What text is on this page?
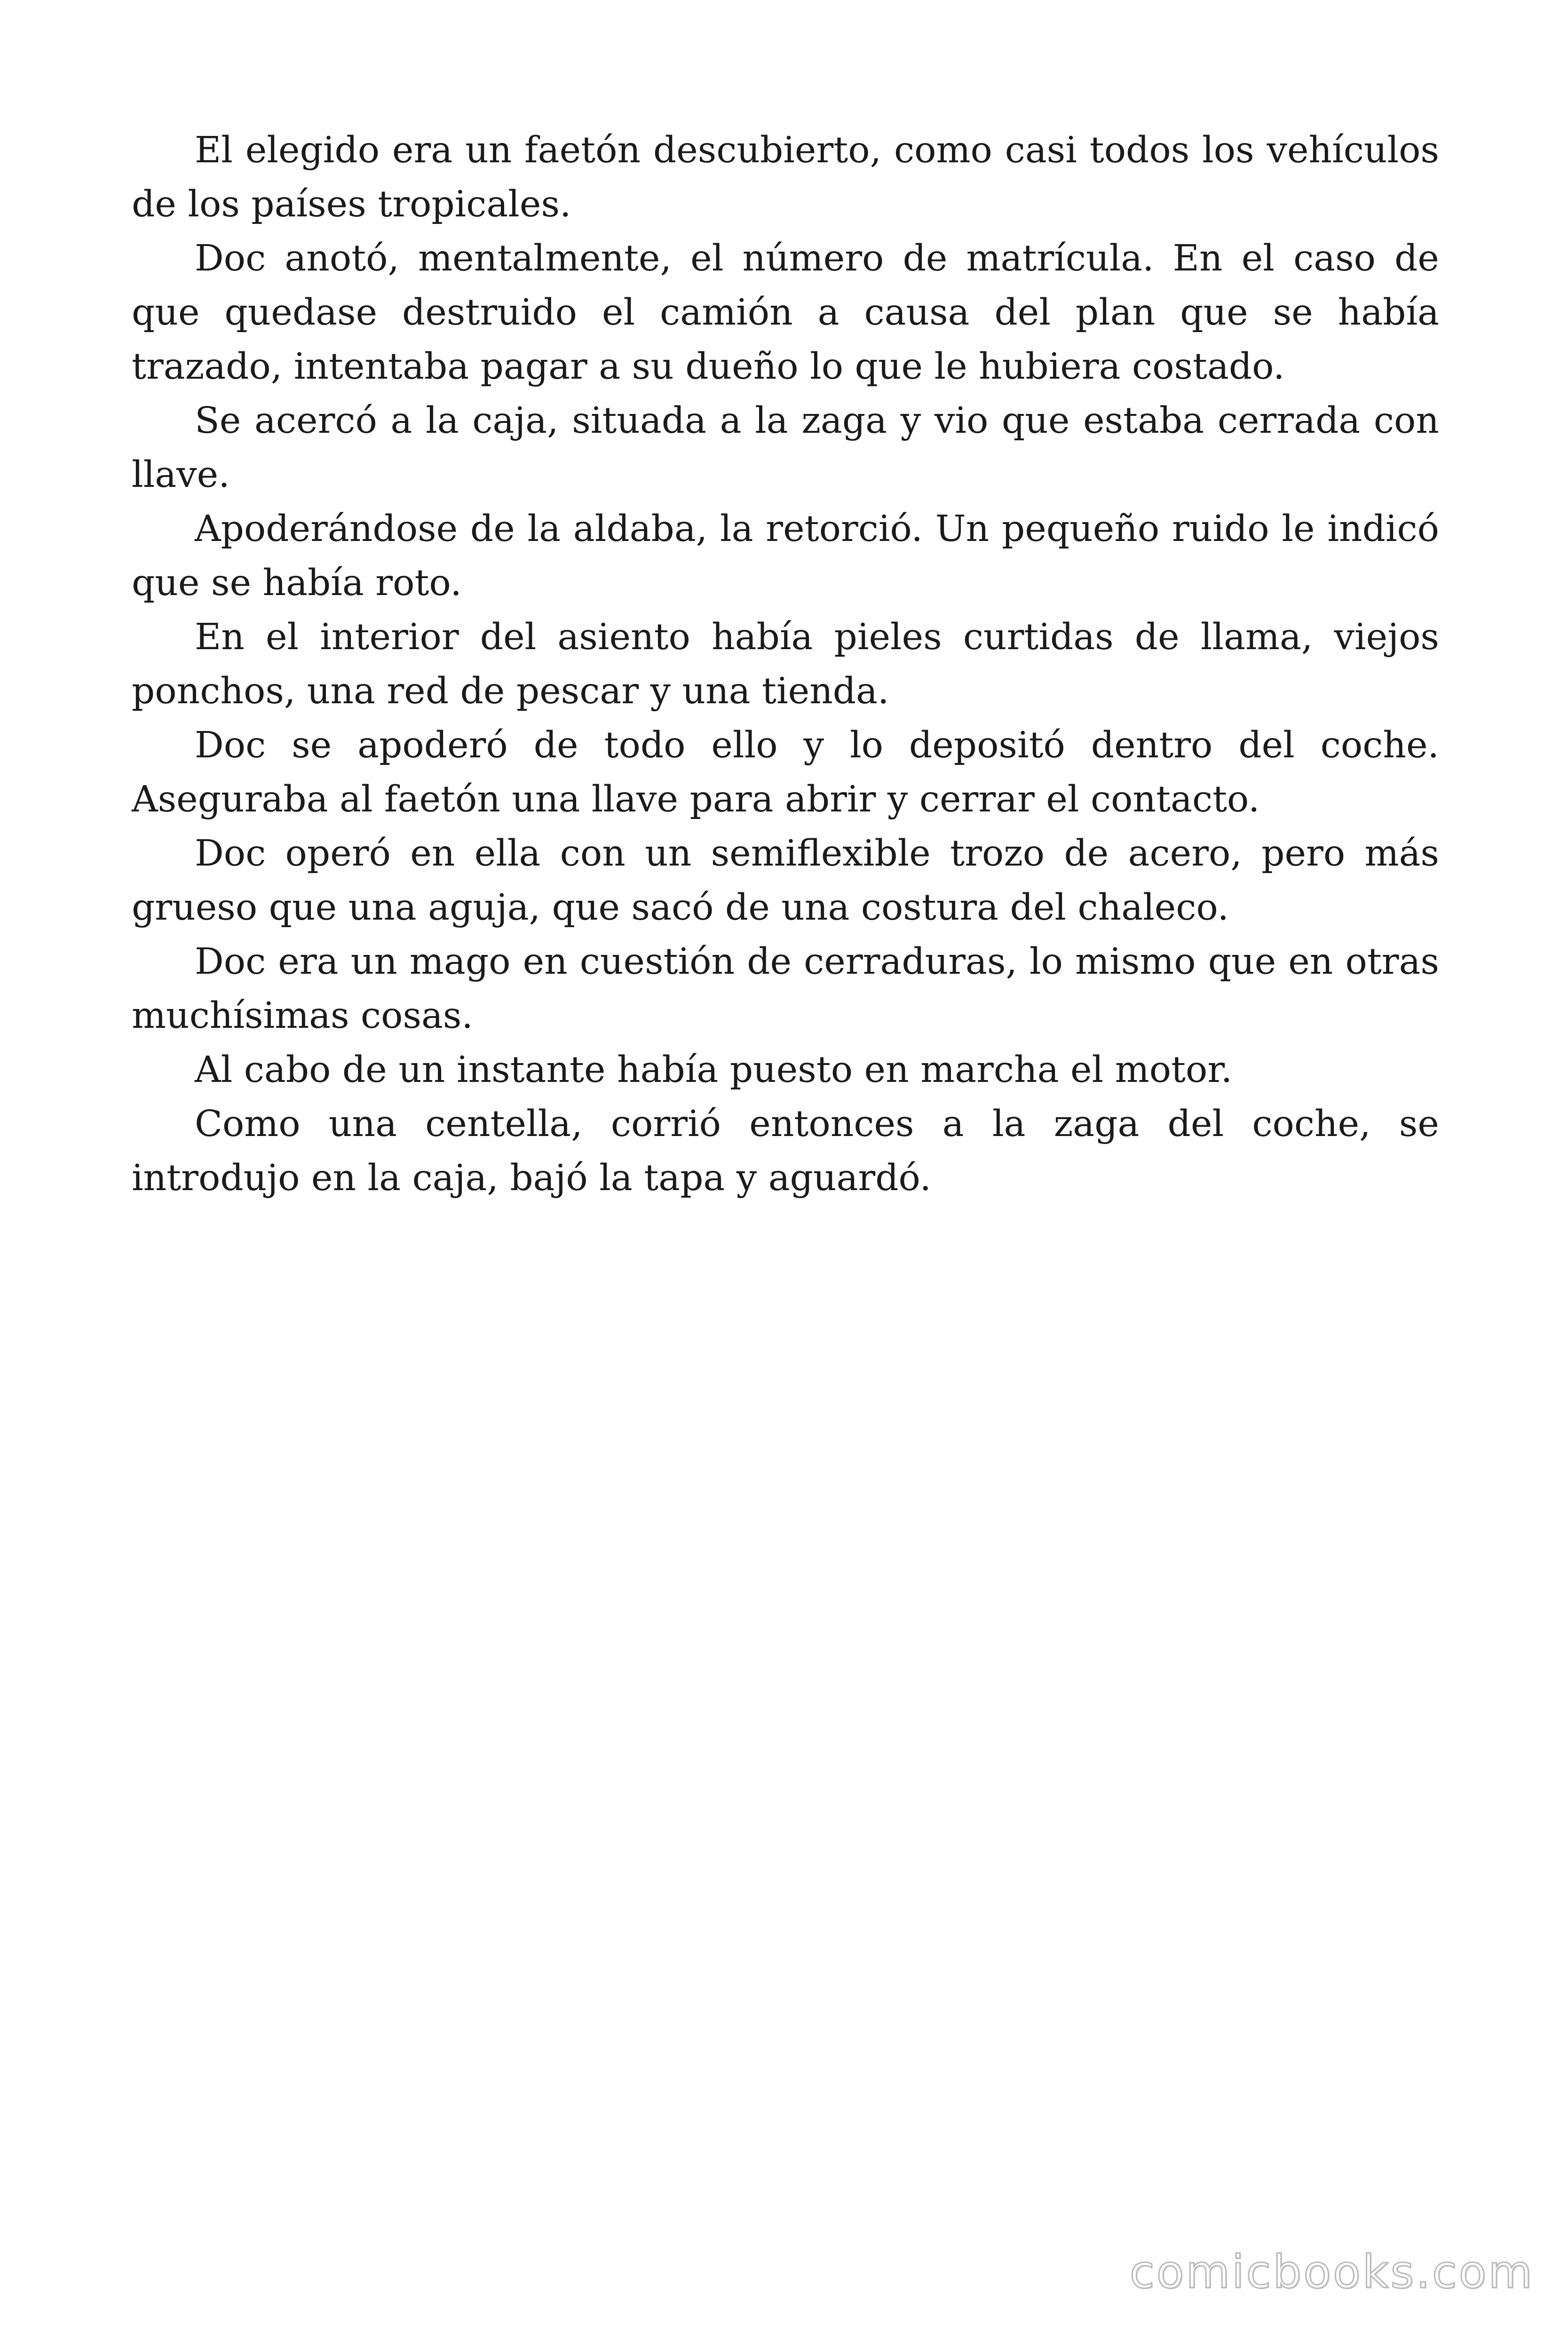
El elegido era un faetón descubierto, como casi todos los vehículos de los países tropicales.

Doc anotó, mentalmente, el número de matrícula. En el caso de que quedase destruido el camión a causa del plan que se había trazado, intentaba pagar a su dueño lo que le hubiera costado.

Se acercó a la caja, situada a la zaga y vio que estaba cerrada con llave.

Apoderándose de la aldaba, la retorció. Un pequeño ruido le indicó que se había roto.

En el interior del asiento había pieles curtidas de llama, viejos ponchos, una red de pescar y una tienda.

Doc se apoderó de todo ello y lo depositó dentro del coche. Aseguraba al faetón una llave para abrir y cerrar el contacto.

Doc operó en ella con un semiflexible trozo de acero, pero más grueso que una aguja, que sacó de una costura del chaleco.

Doc era un mago en cuestión de cerraduras, lo mismo que en otras muchísimas cosas.

Al cabo de un instante había puesto en marcha el motor.

Como una centella, corrió entonces a la zaga del coche, se introdujo en la caja, bajó la tapa y aguardó.

comicbooks.com
